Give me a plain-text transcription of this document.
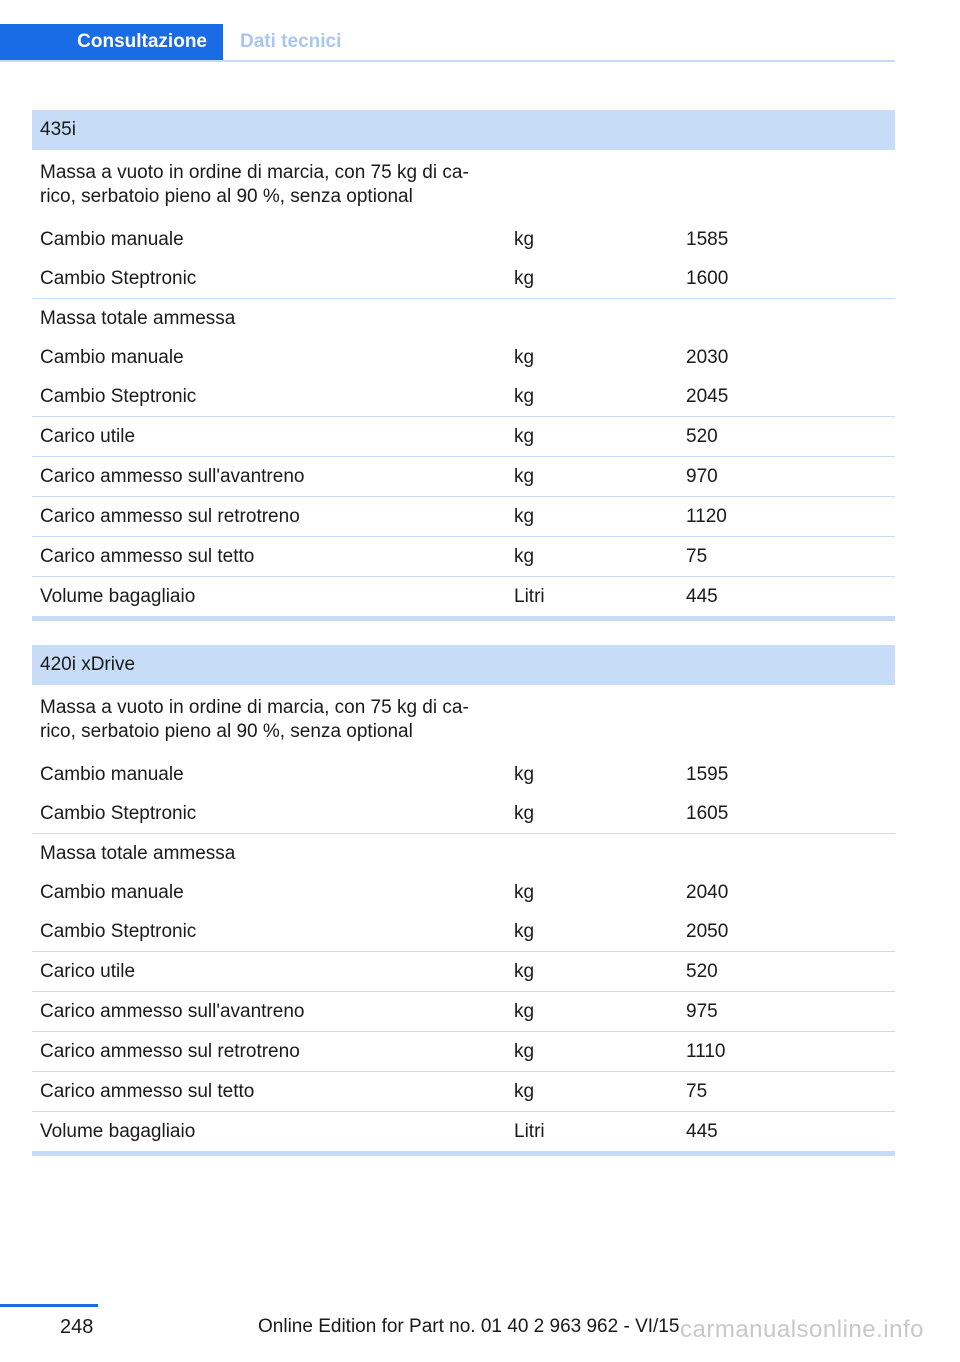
Consultazione	Dati tecnici
435i
Massa a vuoto in ordine di marcia, con 75 kg di ca-
rico, serbatoio pieno al 90 %, senza optional
Cambio manuale	kg	1585
Cambio Steptronic	kg	1600
Massa totale ammessa
Cambio manuale	kg	2030
Cambio Steptronic	kg	2045
Carico utile	kg	520
Carico ammesso sull'avantreno	kg	970
Carico ammesso sul retrotreno	kg	1120
Carico ammesso sul tetto	kg	75
Volume bagagliaio	Litri	445
420i xDrive
Massa a vuoto in ordine di marcia, con 75 kg di ca-
rico, serbatoio pieno al 90 %, senza optional
Cambio manuale	kg	1595
Cambio Steptronic	kg	1605
Massa totale ammessa
Cambio manuale	kg	2040
Cambio Steptronic	kg	2050
Carico utile	kg	520
Carico ammesso sull'avantreno	kg	975
Carico ammesso sul retrotreno	kg	1110
Carico ammesso sul tetto	kg	75
Volume bagagliaio	Litri	445
248	Online Edition for Part no. 01 40 2 963 962 - VI/15 carmanualsonline.info
